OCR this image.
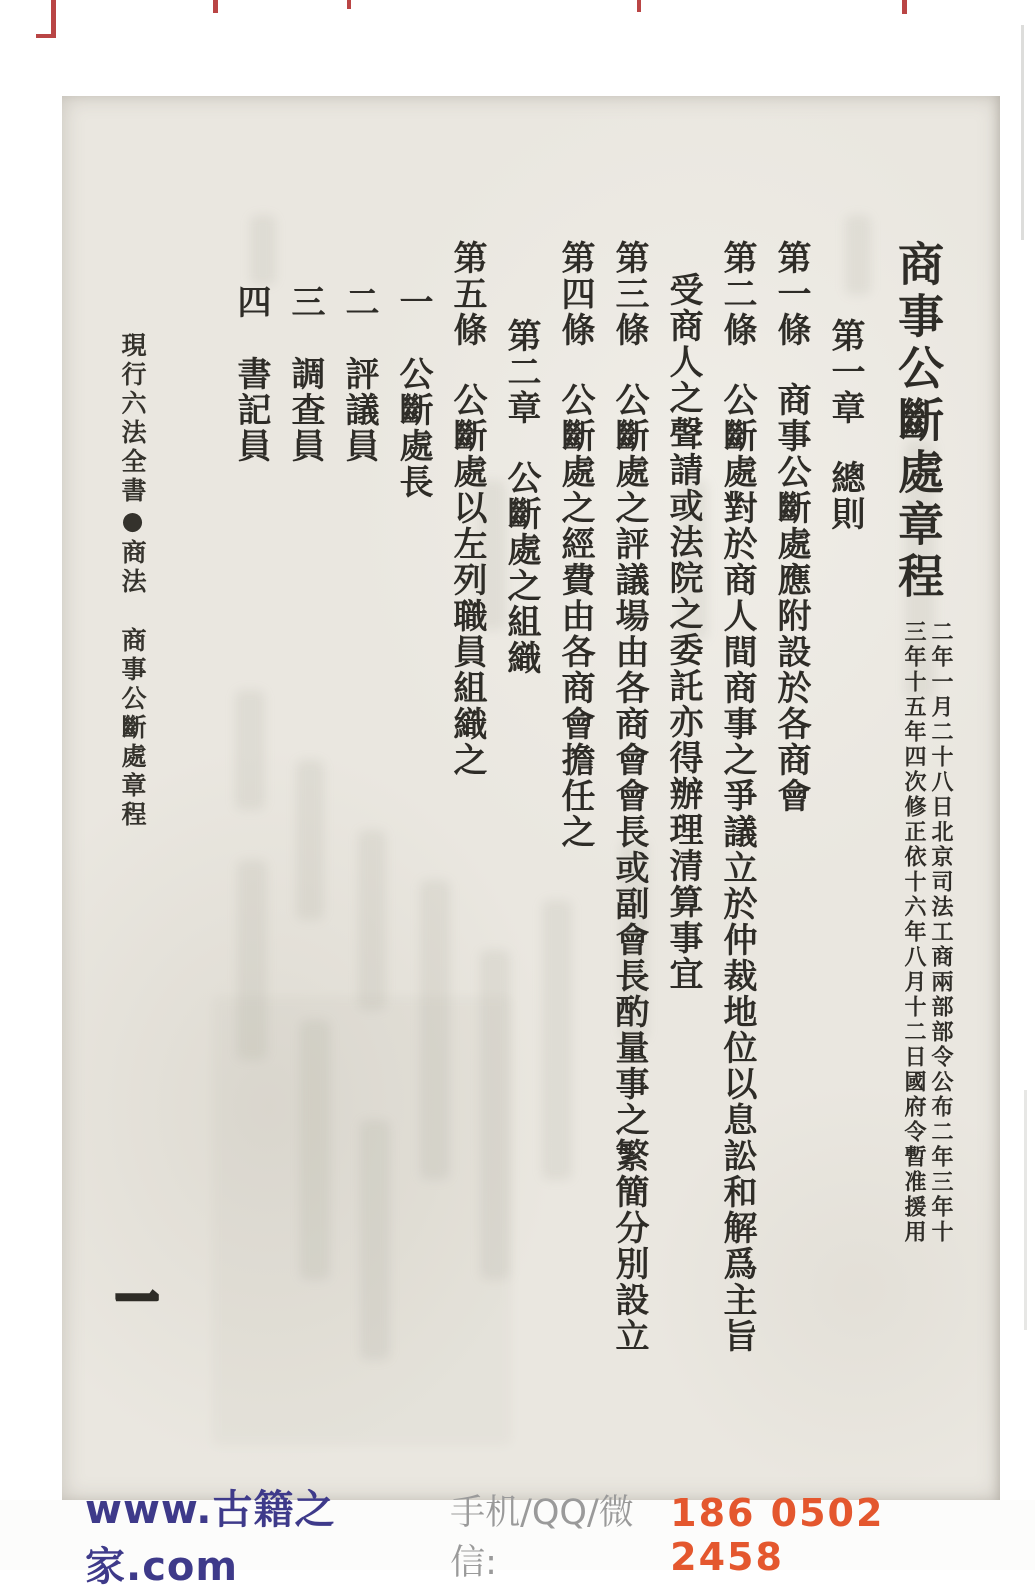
商事公斷處章程
二年一月二十八日北京司法工商兩部部令公布二年三年十
三年十五年四次修正依十六年八月十二日國府令暫准援用
第一章總則
第一條商事公斷處應附設於各商會
第二條公斷處對於商人間商事之爭議立於仲裁地位以息訟和解爲主旨
受商人之聲請或法院之委託亦得辦理清算事宜
第三條公斷處之評議場由各商會會長或副會長酌量事之繁簡分別設立
第四條公斷處之經費由各商會擔任之
第二章公斷處之組織
第五條公斷處以左列職員組織之
一公斷處長
二評議員
三調查員
四書記員
現行六法全書●商法商事公斷處章程
一
www.古籍之家.com
手机/QQ/微信:
186 0502 2458
